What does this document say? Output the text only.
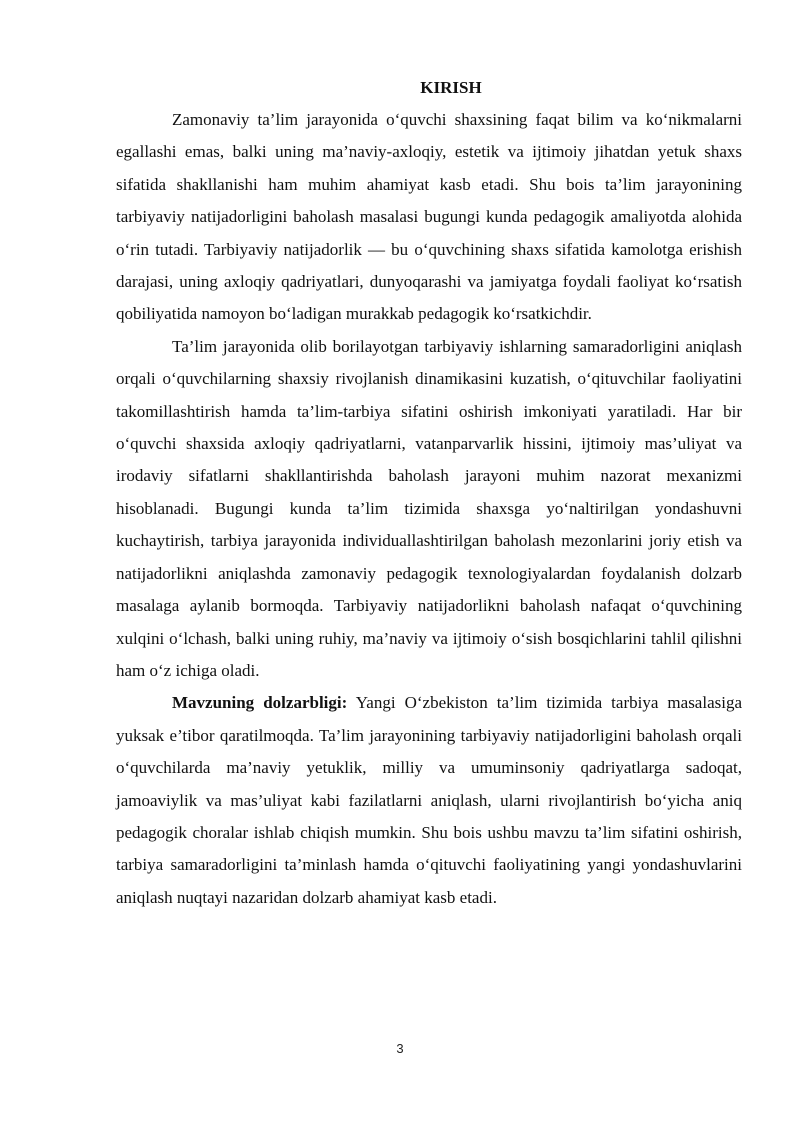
KIRISH

Zamonaviy ta’lim jarayonida o‘quvchi shaxsining faqat bilim va ko‘nikmalarni egallashi emas, balki uning ma’naviy-axloqiy, estetik va ijtimoiy jihatdan yetuk shaxs sifatida shakllanishi ham muhim ahamiyat kasb etadi. Shu bois ta’lim jarayonining tarbiyaviy natijadorligini baholash masalasi bugungi kunda pedagogik amaliyotda alohida o‘rin tutadi. Tarbiyaviy natijadorlik — bu o‘quvchining shaxs sifatida kamolotga erishish darajasi, uning axloqiy qadriyatlari, dunyoqarashi va jamiyatga foydali faoliyat ko‘rsatish qobiliyatida namoyon bo‘ladigan murakkab pedagogik ko‘rsatkichdir.

Ta’lim jarayonida olib borilayotgan tarbiyaviy ishlarning samaradorligini aniqlash orqali o‘quvchilarning shaxsiy rivojlanish dinamikasini kuzatish, o‘qituvchilar faoliyatini takomillashtirish hamda ta’lim-tarbiya sifatini oshirish imkoniyati yaratiladi. Har bir o‘quvchi shaxsida axloqiy qadriyatlarni, vatanparvarlik hissini, ijtimoiy mas’uliyat va irodaviy sifatlarni shakllantirishda baholash jarayoni muhim nazorat mexanizmi hisoblanadi. Bugungi kunda ta’lim tizimida shaxsga yo‘naltirilgan yondashuvni kuchaytirish, tarbiya jarayonida individuallashtirilgan baholash mezonlarini joriy etish va natijadorlikni aniqlashda zamonaviy pedagogik texnologiyalardan foydalanish dolzarb masalaga aylanib bormoqda. Tarbiyaviy natijadorlikni baholash nafaqat o‘quvchining xulqini o‘lchash, balki uning ruhiy, ma’naviy va ijtimoiy o‘sish bosqichlarini tahlil qilishni ham o‘z ichiga oladi.

Mavzuning dolzarbligi: Yangi O‘zbekiston ta’lim tizimida tarbiya masalasiga yuksak e’tibor qaratilmoqda. Ta’lim jarayonining tarbiyaviy natijadorligini baholash orqali o‘quvchilarda ma’naviy yetuklik, milliy va umuminsoniy qadriyatlarga sadoqat, jamoaviylik va mas’uliyat kabi fazilatlarni aniqlash, ularni rivojlantirish bo‘yicha aniq pedagogik choralar ishlab chiqish mumkin. Shu bois ushbu mavzu ta’lim sifatini oshirish, tarbiya samaradorligini ta’minlash hamda o‘qituvchi faoliyatining yangi yondashuvlarini aniqlash nuqtayi nazaridan dolzarb ahamiyat kasb etadi.

3
